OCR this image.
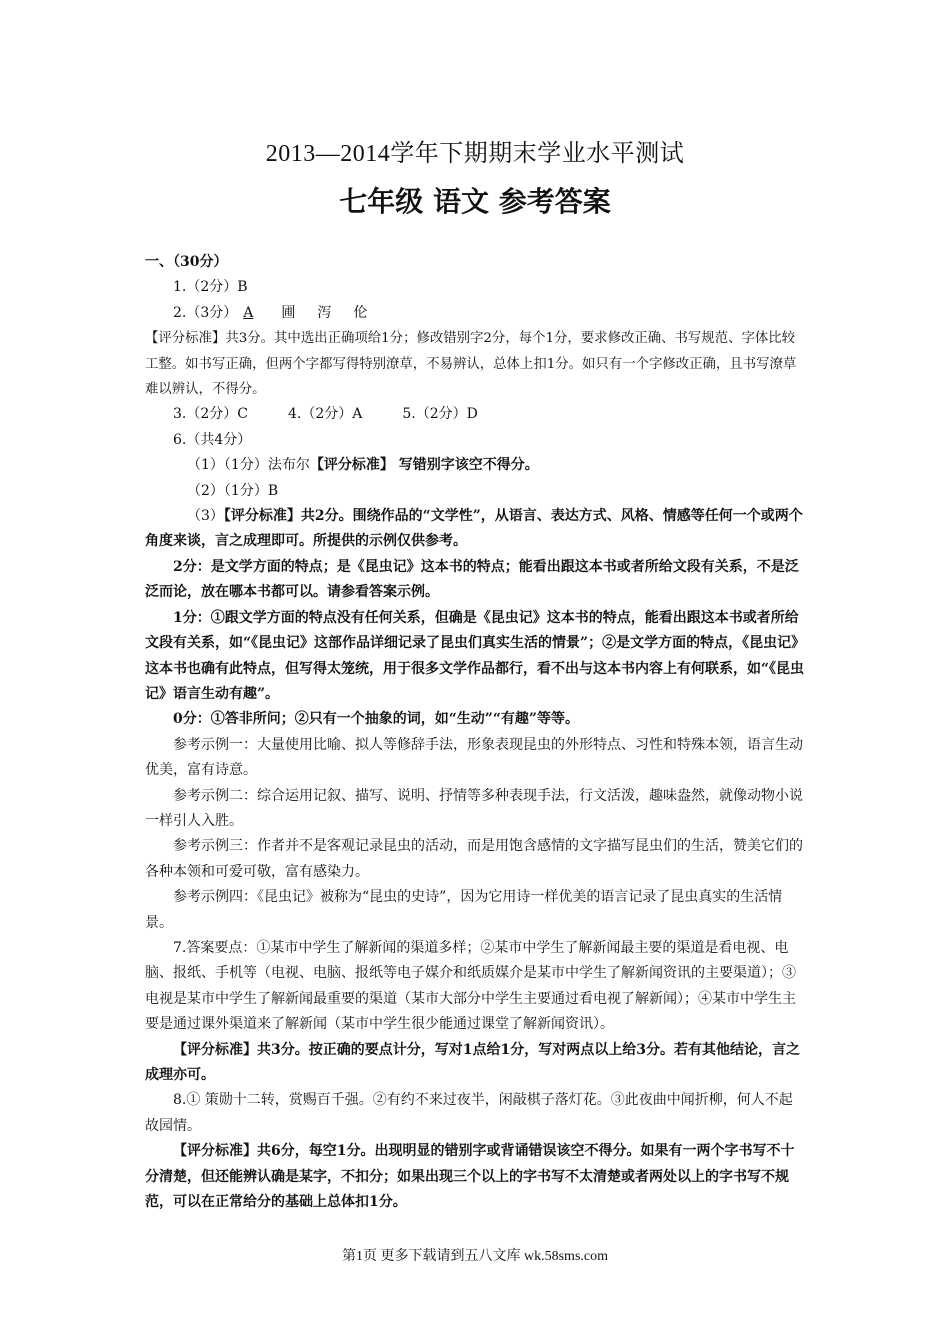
2013—2014学年下期期末学业水平测试
七年级 语文 参考答案

一、（30分）

1.（2分）B

2.（3分） A 圃 泻 伦

【评分标准】共3分。其中选出正确项给1分；修改错别字2分，每个1分，要求修改正确、书写规范、字体比较工整。如书写正确，但两个字都写得特别潦草，不易辨认，总体上扣1分。如只有一个字修改正确，且书写潦草难以辨认，不得分。

3.（2分）C	4.（2分）A	5.（2分）D

6.（共4分）

（1）（1分）法布尔【评分标准】 写错别字该空不得分。

（2）（1分）B

（3）【评分标准】共2分。围绕作品的“文学性”，从语言、表达方式、风格、情感等任何一个或两个角度来谈，言之成理即可。所提供的示例仅供参考。

2分：是文学方面的特点；是《昆虫记》这本书的特点；能看出跟这本书或者所给文段有关系，不是泛泛而论，放在哪本书都可以。请参看答案示例。

1分：①跟文学方面的特点没有任何关系，但确是《昆虫记》这本书的特点，能看出跟这本书或者所给文段有关系，如“《昆虫记》这部作品详细记录了昆虫们真实生活的情景”；②是文学方面的特点，《昆虫记》这本书也确有此特点，但写得太笼统，用于很多文学作品都行，看不出与这本书内容上有何联系，如“《昆虫记》语言生动有趣”。

0分：①答非所问；②只有一个抽象的词，如“生动”“有趣”等等。

参考示例一：大量使用比喻、拟人等修辞手法，形象表现昆虫的外形特点、习性和特殊本领，语言生动优美，富有诗意。

参考示例二：综合运用记叙、描写、说明、抒情等多种表现手法，行文活泼，趣味盎然，就像动物小说一样引人入胜。

参考示例三：作者并不是客观记录昆虫的活动，而是用饱含感情的文字描写昆虫们的生活，赞美它们的各种本领和可爱可敬，富有感染力。

参考示例四：《昆虫记》被称为“昆虫的史诗”，因为它用诗一样优美的语言记录了昆虫真实的生活情景。

7.答案要点：①某市中学生了解新闻的渠道多样；②某市中学生了解新闻最主要的渠道是看电视、电脑、报纸、手机等（电视、电脑、报纸等电子媒介和纸质媒介是某市中学生了解新闻资讯的主要渠道）；③电视是某市中学生了解新闻最重要的渠道（某市大部分中学生主要通过看电视了解新闻）；④某市中学生主要是通过课外渠道来了解新闻（某市中学生很少能通过课堂了解新闻资讯）。

【评分标准】共3分。按正确的要点计分，写对1点给1分，写对两点以上给3分。若有其他结论，言之成理亦可。

8.① 策勋十二转，赏赐百千强。②有约不来过夜半，闲敲棋子落灯花。③此夜曲中闻折柳，何人不起故园情。

【评分标准】共6分，每空1分。出现明显的错别字或背诵错误该空不得分。如果有一两个字书写不十分清楚，但还能辨认确是某字，不扣分；如果出现三个以上的字书写不太清楚或者两处以上的字书写不规范，可以在正常给分的基础上总体扣1分。

第1页 更多下载请到五八文库 wk.58sms.com
